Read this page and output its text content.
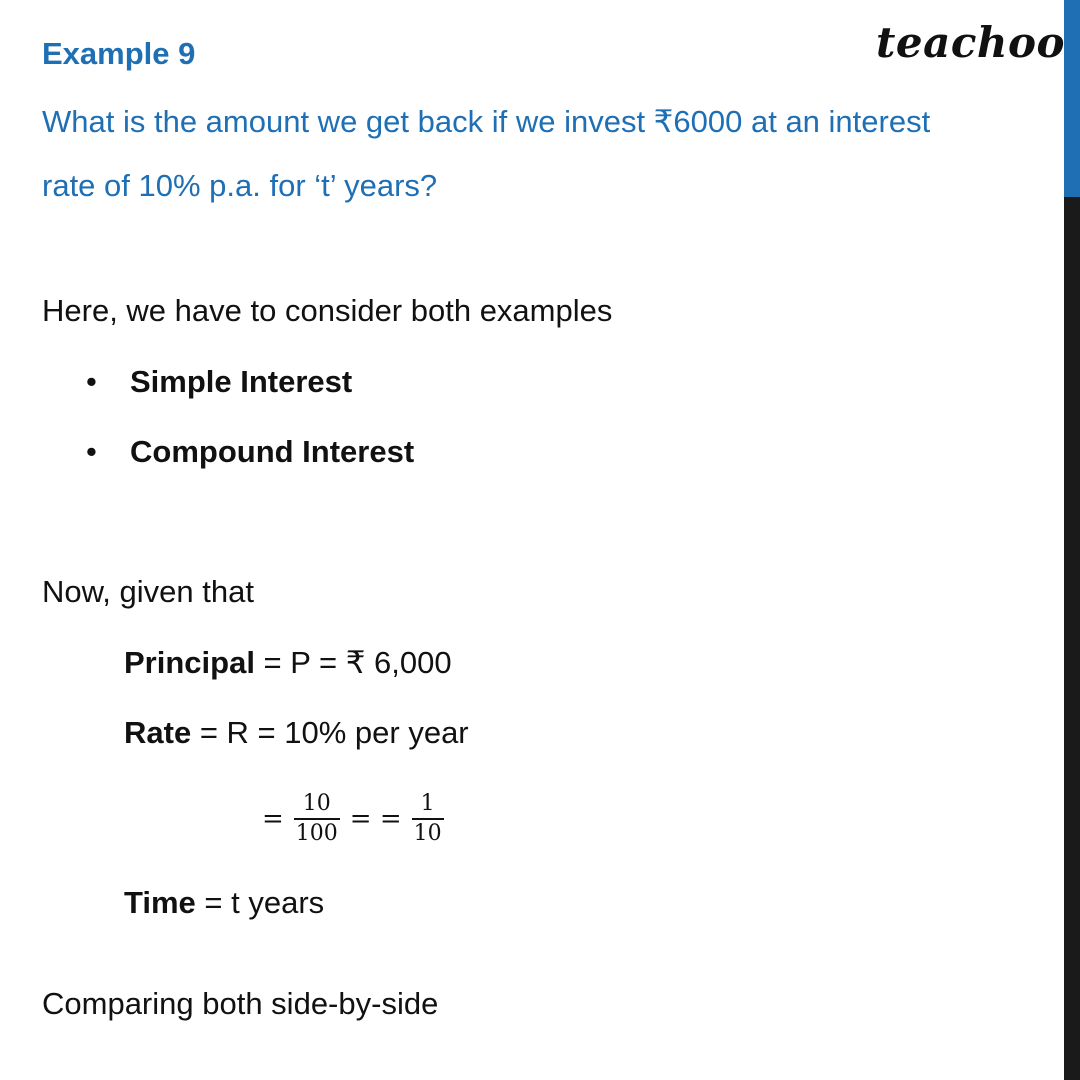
Example 9	teachoo
What is the amount we get back if we invest ₹6000 at an interest
rate of 10% p.a. for ‘t’ years?
Here, we have to consider both examples
• Simple Interest
• Compound Interest
Now, given that
Principal = P = ₹ 6,000
Rate = R = 10% per year
= $\frac{10}{100}$ = = $\frac{1}{10}$
Time = t years
Comparing both side-by-side
